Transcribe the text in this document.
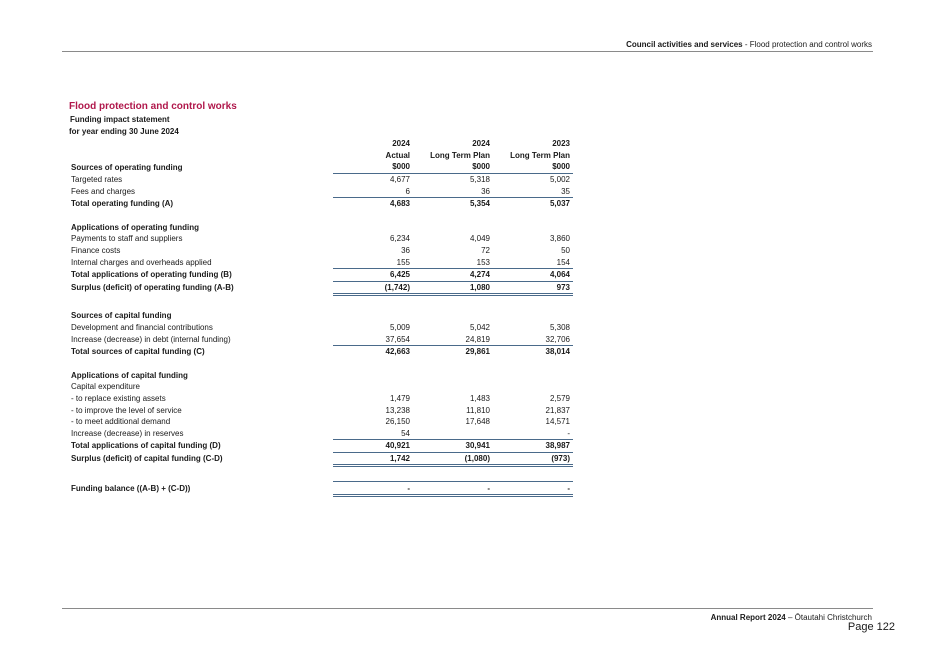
Council activities and services - Flood protection and control works
Flood protection and control works
Funding impact statement
for year ending 30 June 2024
	2024	2024	2023
	Actual	Long Term Plan	Long Term Plan
Sources of operating funding	$000	$000	$000
Targeted rates	4,677	5,318	5,002
Fees and charges	6	36	35
Total operating funding (A)	4,683	5,354	5,037

Applications of operating funding			
Payments to staff and suppliers	6,234	4,049	3,860
Finance costs	36	72	50
Internal charges and overheads applied	155	153	154
Total applications of operating funding (B)	6,425	4,274	4,064
Surplus (deficit) of operating funding (A-B)	(1,742)	1,080	973

Sources of capital funding			
Development and financial contributions	5,009	5,042	5,308
Increase (decrease) in debt (internal funding)	37,654	24,819	32,706
Total sources of capital funding (C)	42,663	29,861	38,014

Applications of capital funding			
Capital expenditure			
- to replace existing assets	1,479	1,483	2,579
- to improve the level of service	13,238	11,810	21,837
- to meet additional demand	26,150	17,648	14,571
Increase (decrease) in reserves	54		-
Total applications of capital funding (D)	40,921	30,941	38,987
Surplus (deficit) of capital funding (C-D)	1,742	(1,080)	(973)

Funding balance ((A-B) + (C-D))	-	-	-
Annual Report 2024 – Ōtautahi Christchurch
Page 122
